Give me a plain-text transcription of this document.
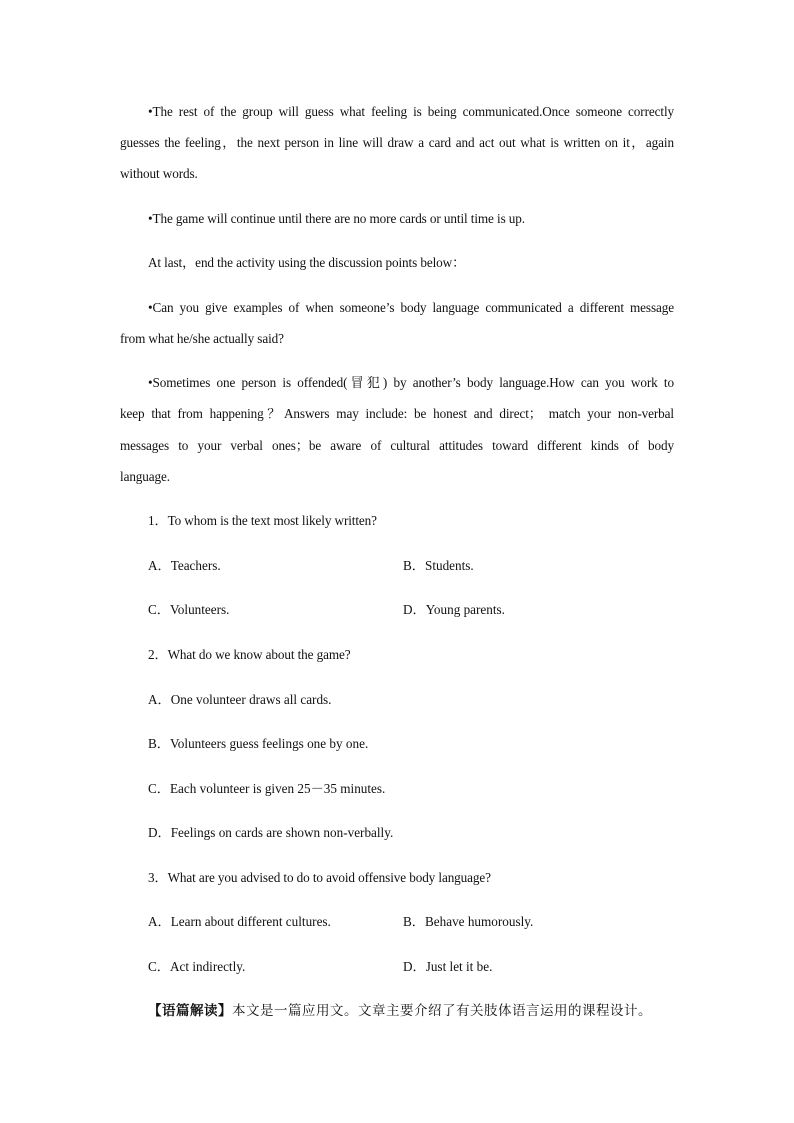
•The rest of the group will guess what feeling is being communicated.Once someone correctly
guesses the feeling，the next person in line will draw a card and act out what is written on it，again
without words.
•The game will continue until there are no more cards or until time is up.
At last，end the activity using the discussion points below：
•Can you give examples of when someone’s body language communicated a different message
from what he/she actually said?
•Sometimes one person is offended(冒犯) by another’s body language.How can you work to
keep that from happening？Answers may include: be honest and direct； match your non-verbal
messages to your verbal ones；be aware of cultural attitudes toward different kinds of body
language.
1．To whom is the text most likely written?
A．Teachers.	B．Students.
C．Volunteers.	D．Young parents.
2．What do we know about the game?
A．One volunteer draws all cards.
B．Volunteers guess feelings one by one.
C．Each volunteer is given 25－35 minutes.
D．Feelings on cards are shown non-verbally.
3．What are you advised to do to avoid offensive body language?
A．Learn about different cultures.	B．Behave humorously.
C．Act indirectly.	D．Just let it be.
【语篇解读】本文是一篇应用文。文章主要介绍了有关肢体语言运用的课程设计。
